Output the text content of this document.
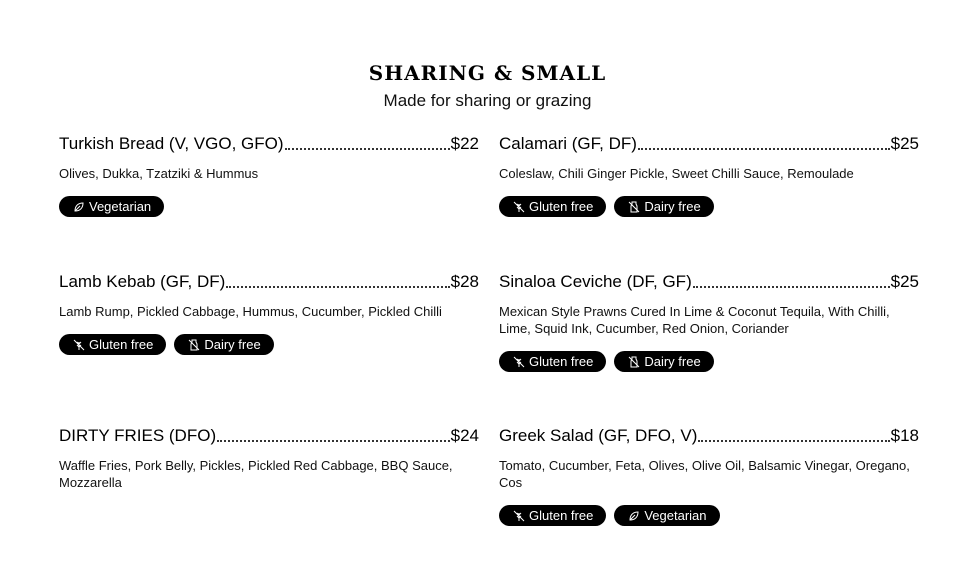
SHARING & SMALL
Made for sharing or grazing
Turkish Bread (V, VGO, GFO)	$22
Olives, Dukka, Tzatziki & Hummus
Vegetarian
Calamari (GF, DF)	$25
Coleslaw, Chili Ginger Pickle, Sweet Chilli Sauce, Remoulade
Gluten free	Dairy free
Lamb Kebab (GF, DF)	$28
Lamb Rump, Pickled Cabbage, Hummus, Cucumber, Pickled Chilli
Gluten free	Dairy free
Sinaloa Ceviche (DF, GF)	$25
Mexican Style Prawns Cured In Lime & Coconut Tequila, With Chilli, Lime, Squid Ink, Cucumber, Red Onion, Coriander
Gluten free	Dairy free
DIRTY FRIES (DFO)	$24
Waffle Fries, Pork Belly, Pickles, Pickled Red Cabbage, BBQ Sauce, Mozzarella
Greek Salad (GF, DFO, V)	$18
Tomato, Cucumber, Feta, Olives, Olive Oil, Balsamic Vinegar, Oregano, Cos
Gluten free	Vegetarian
